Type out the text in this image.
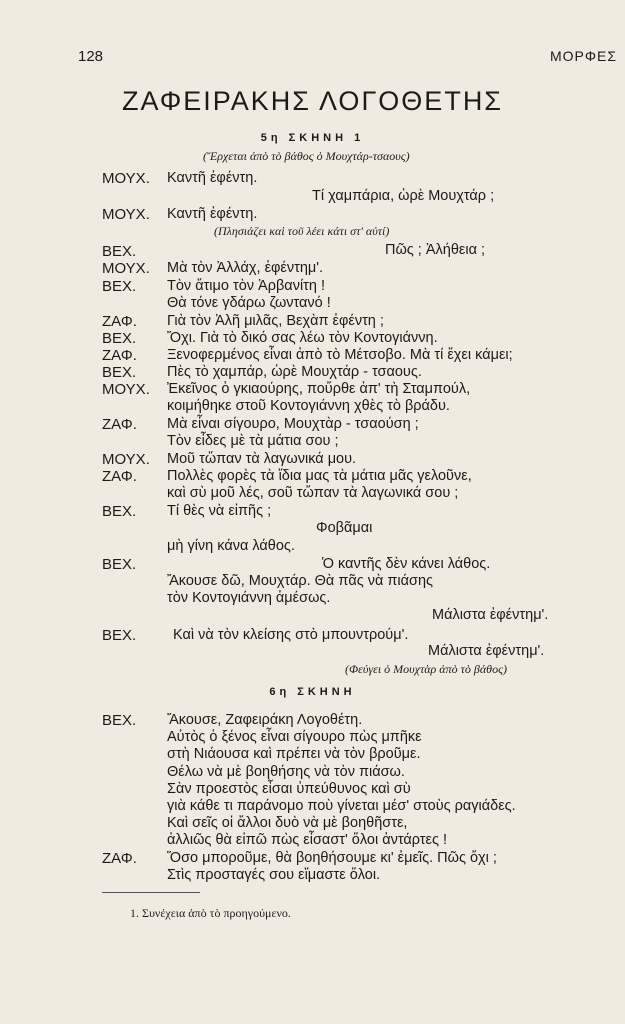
128	ΜΟΡΦΕΣ
ΖΑΦΕΙΡΑΚΗΣ ΛΟΓΟΘΕΤΗΣ
5η ΣΚΗΝΗ 1
(Ἔρχεται ἀπὸ τὸ βάθος ὁ Μουχτάρ-τσαους)
ΜΟΥΧ. Καντῆ ἐφέντη.
Τί χαμπάρια, ὡρὲ Μουχτάρ ;
ΜΟΥΧ. Καντῆ ἐφέντη.
(Πλησιάζει καὶ τοῦ λέει κάτι στ' αὐτί)
ΒΕΧ.	Πῶς ; Ἀλήθεια ;
ΜΟΥΧ. Μὰ τὸν Ἀλλάχ, ἐφέντημ'.
ΒΕΧ. Τὸν ἄτιμο τὸν Ἀρβανίτη !
Θὰ τόνε γδάρω ζωντανό !
ΖΑΦ. Γιὰ τὸν Ἀλῆ μιλᾶς, Βεχὰπ ἐφέντη ;
ΒΕΧ. Ὄχι. Γιὰ τὸ δικό σας λέω τὸν Κοντογιάννη.
ΖΑΦ. Ξενοφερμένος εἶναι ἀπὸ τὸ Μέτσοβο. Μὰ τί ἔχει κάμει;
ΒΕΧ. Πὲς τὸ χαμπάρ, ὡρὲ Μουχτάρ - τσαους.
ΜΟΥΧ. Ἐκεῖνος ὁ γκιαούρης, ποὔρθε ἀπ' τὴ Σταμπούλ,
κοιμήθηκε στοῦ Κοντογιάννη χθὲς τὸ βράδυ.
ΖΑΦ. Μὰ εἶναι σίγουρο, Μουχτὰρ - τσαούση ;
Τὸν εἶδες μὲ τὰ μάτια σου ;
ΜΟΥΧ. Μοῦ τὤπαν τὰ λαγωνικά μου.
ΖΑΦ. Πολλὲς φορὲς τὰ ἴδια μας τὰ μάτια μᾶς γελοῦνε,
καὶ σὺ μοῦ λές, σοῦ τὤπαν τὰ λαγωνικά σου ;
ΒΕΧ. Τί θὲς νὰ εἰπῆς ;
Φοβᾶμαι
μὴ γίνη κάνα λάθος.
ΒΕΧ.	Ὁ καντῆς δὲν κάνει λάθος.
Ἄκουσε δῶ, Μουχτάρ. Θὰ πᾶς νὰ πιάσης
τὸν Κοντογιάννη ἀμέσως.
Μάλιστα ἐφέντημ'.
ΒΕΧ.	Καὶ νὰ τὸν κλείσης στὸ μπουντρούμ'.
Μάλιστα ἐφέντημ'.
(Φεύγει ὁ Μουχτὰρ ἀπὸ τὸ βάθος)
6η ΣΚΗΝΗ
ΒΕΧ. Ἄκουσε, Ζαφειράκη Λογοθέτη.
Αὐτὸς ὁ ξένος εἶναι σίγουρο πὼς μπῆκε
στὴ Νιάουσα καὶ πρέπει νὰ τὸν βροῦμε.
Θέλω νὰ μὲ βοηθήσης νὰ τὸν πιάσω.
Σὰν προεστὸς εἶσαι ὑπεύθυνος καὶ σὺ
γιὰ κάθε τι παράνομο ποὺ γίνεται μέσ' στοὺς ραγιάδες.
Καὶ σεῖς οἱ ἄλλοι δυὸ νὰ μὲ βοηθῆστε,
ἀλλιῶς θὰ εἰπῶ πὼς εἶσαστ' ὅλοι ἀντάρτες !
ΖΑΦ. Ὅσο μποροῦμε, θὰ βοηθήσουμε κι' ἐμεῖς. Πῶς ὄχι ;
Στὶς προσταγές σου εἴμαστε ὅλοι.
1. Συνέχεια ἀπὸ τὸ προηγούμενο.
